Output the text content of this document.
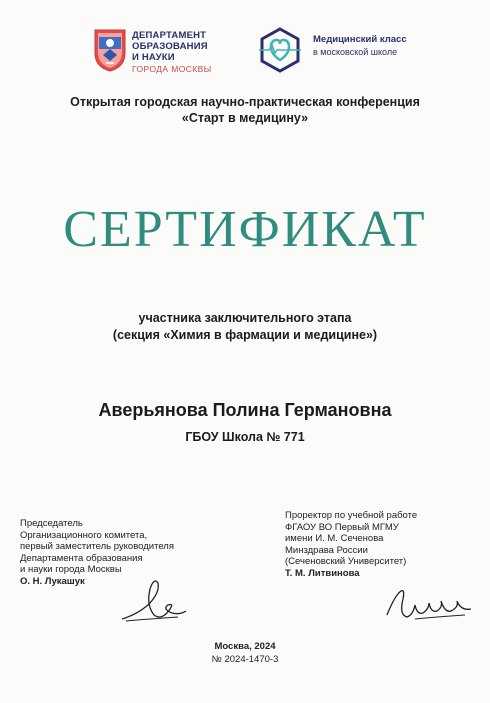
ДЕПАРТАМЕНТ
ОБРАЗОВАНИЯ
И НАУКИ
ГОРОДА МОСКВЫ
Медицинский класс
в московской школе
Открытая городская научно-практическая конференция
«Старт в медицину»
СЕРТИФИКАТ
участника заключительного этапа
(секция «Химия в фармации и медицине»)
Аверьянова Полина Германовна
ГБОУ Школа № 771
Председатель
Организационного комитета,
первый заместитель руководителя
Департамента образования
и науки города Москвы
О. Н. Лукашук
Проректор по учебной работе
ФГАОУ ВО Первый МГМУ
имени И. М. Сеченова
Минздрава России
(Сеченовский Университет)
Т. М. Литвинова
Москва, 2024
№ 2024-1470-3
